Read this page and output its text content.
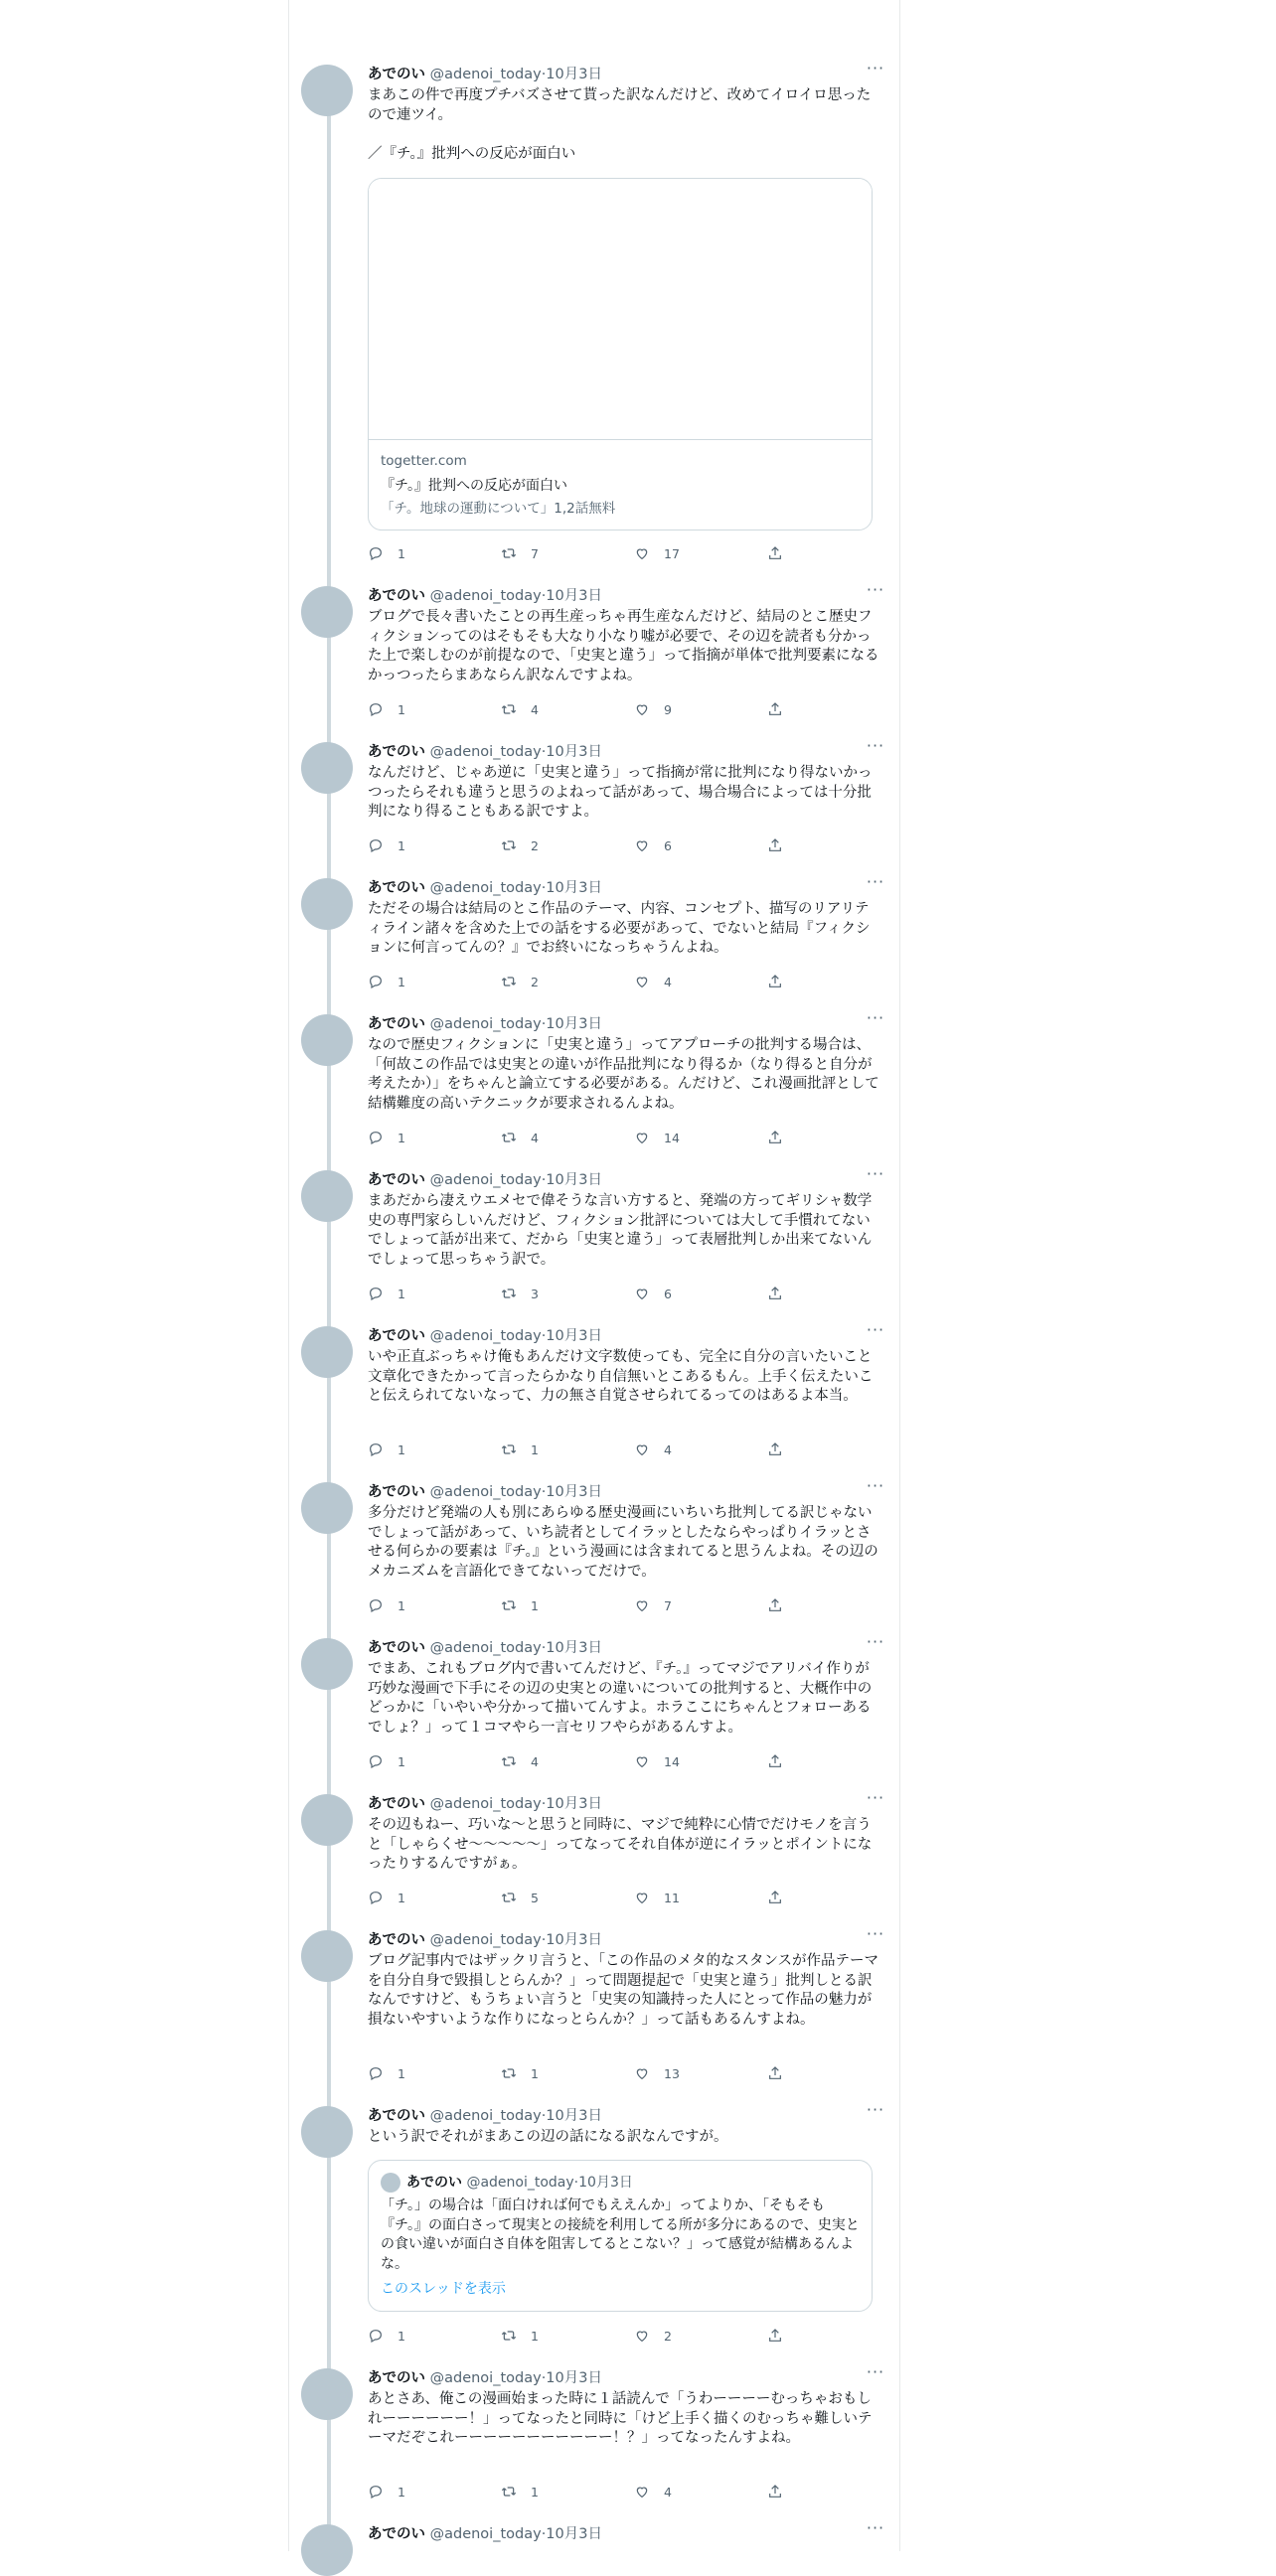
あでのい @adenoi_today·10月3日	···
まあこの件で再度プチバズさせて貰った訳なんだけど、改めてイロイロ思ったので連ツイ。

／『チ。』批判への反応が面白い
togetter.com
『チ。』批判への反応が面白い
「チ。地球の運動について」1,2話無料
1	7	17
あでのい @adenoi_today·10月3日	···
ブログで長々書いたことの再生産っちゃ再生産なんだけど、結局のとこ歴史フィクションってのはそもそも大なり小なり嘘が必要で、その辺を読者も分かった上で楽しむのが前提なので、「史実と違う」って指摘が単体で批判要素になるかっつったらまあならん訳なんですよね。
1	4	9
あでのい @adenoi_today·10月3日	···
なんだけど、じゃあ逆に「史実と違う」って指摘が常に批判になり得ないかっつったらそれも違うと思うのよねって話があって、場合場合によっては十分批判になり得ることもある訳ですよ。
1	2	6
あでのい @adenoi_today·10月3日	···
ただその場合は結局のとこ作品のテーマ、内容、コンセプト、描写のリアリティライン諸々を含めた上での話をする必要があって、でないと結局『フィクションに何言ってんの？』でお終いになっちゃうんよね。
1	2	4
あでのい @adenoi_today·10月3日	···
なので歴史フィクションに「史実と違う」ってアプローチの批判する場合は、「何故この作品では史実との違いが作品批判になり得るか（なり得ると自分が考えたか）」をちゃんと論立てする必要がある。んだけど、これ漫画批評として結構難度の高いテクニックが要求されるんよね。
1	4	14
あでのい @adenoi_today·10月3日	···
まあだから凄えウエメセで偉そうな言い方すると、発端の方ってギリシャ数学史の専門家らしいんだけど、フィクション批評については大して手慣れてないでしょって話が出来て、だから「史実と違う」って表層批判しか出来てないんでしょって思っちゃう訳で。
1	3	6
あでのい @adenoi_today·10月3日	···
いや正直ぶっちゃけ俺もあんだけ文字数使っても、完全に自分の言いたいこと文章化できたかって言ったらかなり自信無いとこあるもん。上手く伝えたいこと伝えられてないなって、力の無さ自覚させられてるってのはあるよ本当。
1	1	4
あでのい @adenoi_today·10月3日	···
多分だけど発端の人も別にあらゆる歴史漫画にいちいち批判してる訳じゃないでしょって話があって、いち読者としてイラッとしたならやっぱりイラッとさせる何らかの要素は『チ。』という漫画には含まれてると思うんよね。その辺のメカニズムを言語化できてないってだけで。
1	1	7
あでのい @adenoi_today·10月3日	···
でまあ、これもブログ内で書いてんだけど、『チ。』ってマジでアリバイ作りが巧妙な漫画で下手にその辺の史実との違いについての批判すると、大概作中のどっかに「いやいや分かって描いてんすよ。ホラここにちゃんとフォローあるでしょ？」って１コマやら一言セリフやらがあるんすよ。
1	4	14
あでのい @adenoi_today·10月3日	···
その辺もねー、巧いな〜と思うと同時に、マジで純粋に心情でだけモノを言うと「しゃらくせ〜〜〜〜〜」ってなってそれ自体が逆にイラッとポイントになったりするんですがぁ。
1	5	11
あでのい @adenoi_today·10月3日	···
ブログ記事内ではザックリ言うと、「この作品のメタ的なスタンスが作品テーマを自分自身で毀損しとらんか？」って問題提起で「史実と違う」批判しとる訳なんですけど、もうちょい言うと「史実の知識持った人にとって作品の魅力が損ないやすいような作りになっとらんか？」って話もあるんすよね。
1	1	13
あでのい @adenoi_today·10月3日	···
という訳でそれがまあこの辺の話になる訳なんですが。
あでのい @adenoi_today·10月3日
「チ。」の場合は「面白ければ何でもええんか」ってよりか、「そもそも『チ。』の面白さって現実との接続を利用してる所が多分にあるので、史実との食い違いが面白さ自体を阻害してるとこない？」って感覚が結構あるんよな。
このスレッドを表示
1	1	2
あでのい @adenoi_today·10月3日	···
あとさあ、俺この漫画始まった時に１話読んで「うわーーーーむっちゃおもしれーーーーーー！」ってなったと同時に「けど上手く描くのむっちゃ難しいテーマだぞこれーーーーーーーーーーー！？」ってなったんすよね。
1	1	4
あでのい @adenoi_today·10月3日	···
